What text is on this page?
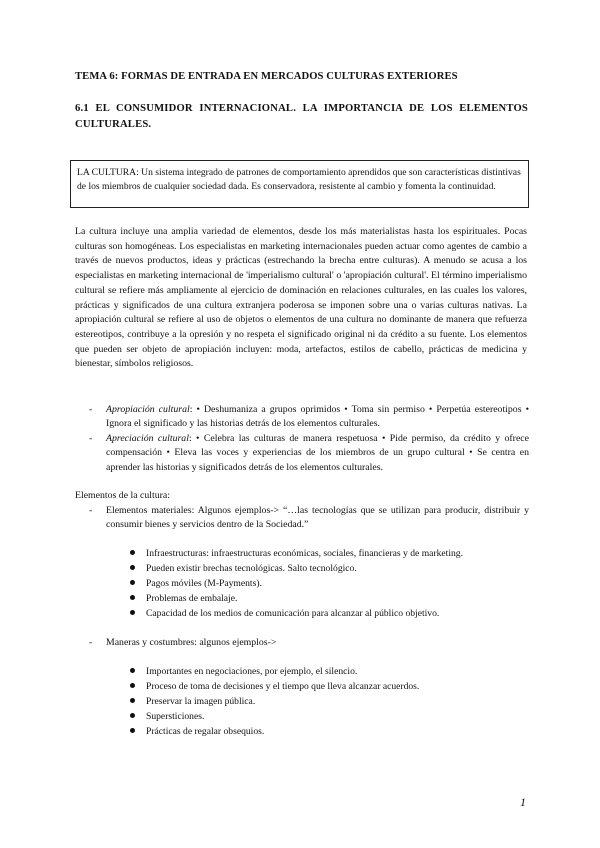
TEMA 6: FORMAS DE ENTRADA EN MERCADOS CULTURAS EXTERIORES
6.1 EL CONSUMIDOR INTERNACIONAL. LA IMPORTANCIA DE LOS ELEMENTOS CULTURALES.
LA CULTURA: Un sistema integrado de patrones de comportamiento aprendidos que son características distintivas de los miembros de cualquier sociedad dada. Es conservadora, resistente al cambio y fomenta la continuidad.

La cultura incluye una amplia variedad de elementos, desde los más materialistas hasta los espirituales. Pocas culturas son homogéneas. Los especialistas en marketing internacionales pueden actuar como agentes de cambio a través de nuevos productos, ideas y prácticas (estrechando la brecha entre culturas). A menudo se acusa a los especialistas en marketing internacional de 'imperialismo cultural' o 'apropiación cultural'. El término imperialismo cultural se refiere más ampliamente al ejercicio de dominación en relaciones culturales, en las cuales los valores, prácticas y significados de una cultura extranjera poderosa se imponen sobre una o varias culturas nativas. La apropiación cultural se refiere al uso de objetos o elementos de una cultura no dominante de manera que refuerza estereotipos, contribuye a la opresión y no respeta el significado original ni da crédito a su fuente. Los elementos que pueden ser objeto de apropiación incluyen: moda, artefactos, estilos de cabello, prácticas de medicina y bienestar, símbolos religiosos.

- Apropiación cultural: • Deshumaniza a grupos oprimidos • Toma sin permiso • Perpetúa estereotipos • Ignora el significado y las historias detrás de los elementos culturales.
- Apreciación cultural: • Celebra las culturas de manera respetuosa • Pide permiso, da crédito y ofrece compensación • Eleva las voces y experiencias de los miembros de un grupo cultural • Se centra en aprender las historias y significados detrás de los elementos culturales.
Elementos de la cultura:
- Elementos materiales: Algunos ejemplos-> “…las tecnologías que se utilizan para producir, distribuir y consumir bienes y servicios dentro de la Sociedad.”
Infraestructuras: infraestructuras económicas, sociales, financieras y de marketing.
Pueden existir brechas tecnológicas. Salto tecnológico.
Pagos móviles (M-Payments).
Problemas de embalaje.
Capacidad de los medios de comunicación para alcanzar al público objetivo.
- Maneras y costumbres: algunos ejemplos->
Importantes en negociaciones, por ejemplo, el silencio.
Proceso de toma de decisiones y el tiempo que lleva alcanzar acuerdos.
Preservar la imagen pública.
Supersticiones.
Prácticas de regalar obsequios.
1
